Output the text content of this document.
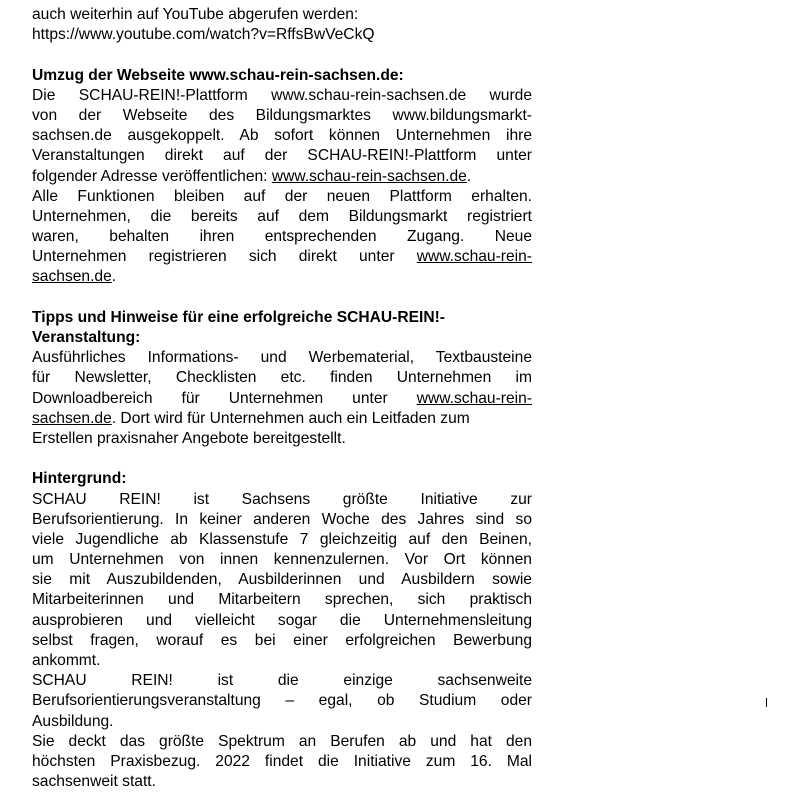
auch weiterhin auf YouTube abgerufen werden:
https://www.youtube.com/watch?v=RffsBwVeCkQ
Umzug der Webseite www.schau-rein-sachsen.de:
Die SCHAU-REIN!-Plattform www.schau-rein-sachsen.de wurde
von der Webseite des Bildungsmarktes www.bildungsmarkt-
sachsen.de ausgekoppelt. Ab sofort können Unternehmen ihre
Veranstaltungen direkt auf der SCHAU-REIN!-Plattform unter
folgender Adresse veröffentlichen: www.schau-rein-sachsen.de.
Alle Funktionen bleiben auf der neuen Plattform erhalten.
Unternehmen, die bereits auf dem Bildungsmarkt registriert
waren, behalten ihren entsprechenden Zugang. Neue
Unternehmen registrieren sich direkt unter www.schau-rein-
sachsen.de.
Tipps und Hinweise für eine erfolgreiche SCHAU-REIN!-
Veranstaltung:
Ausführliches Informations- und Werbematerial, Textbausteine
für Newsletter, Checklisten etc. finden Unternehmen im
Downloadbereich für Unternehmen unter www.schau-rein-
sachsen.de. Dort wird für Unternehmen auch ein Leitfaden zum
Erstellen praxisnaher Angebote bereitgestellt.
Hintergrund:
SCHAU REIN! ist Sachsens größte Initiative zur
Berufsorientierung. In keiner anderen Woche des Jahres sind so
viele Jugendliche ab Klassenstufe 7 gleichzeitig auf den Beinen,
um Unternehmen von innen kennenzulernen. Vor Ort können
sie mit Auszubildenden, Ausbilderinnen und Ausbildern sowie
Mitarbeiterinnen und Mitarbeitern sprechen, sich praktisch
ausprobieren und vielleicht sogar die Unternehmensleitung
selbst fragen, worauf es bei einer erfolgreichen Bewerbung
ankommt.
SCHAU REIN! ist die einzige sachsenweite
Berufsorientierungsveranstaltung – egal, ob Studium oder
Ausbildung.
Sie deckt das größte Spektrum an Berufen ab und hat den
höchsten Praxisbezug. 2022 findet die Initiative zum 16. Mal
sachsenweit statt.
